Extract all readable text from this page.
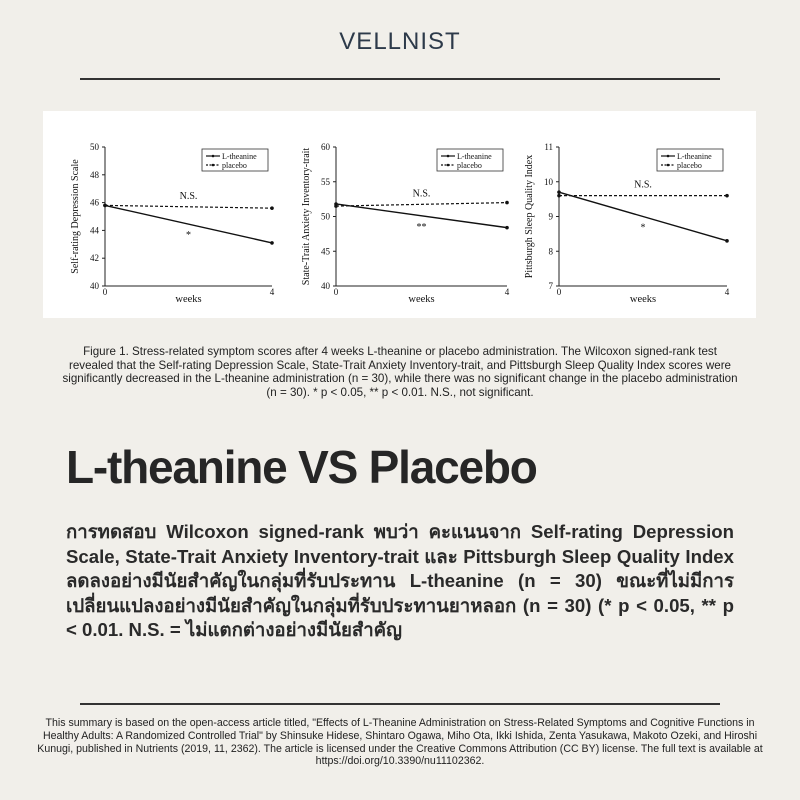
VELLNIST
40
42
44
46
48
50
0	4
weeks
Self-rating Depression Scale	*
N.S.
L-theanine
placebo
40
45
50
55
60
0	4
weeks
State-Trait Anxiety Inventory-trait	**
N.S.
L-theanine
placebo
7
8
9
10
11
0	4
weeks
Pittsburgh Sleep Quality Index	*
N.S.
L-theanine
placebo
Figure 1. Stress-related symptom scores after 4 weeks L-theanine or placebo administration. The Wilcoxon signed-rank test revealed that the Self-rating Depression Scale, State-Trait Anxiety Inventory-trait, and Pittsburgh Sleep Quality Index scores were significantly decreased in the L-theanine administration (n = 30), while there was no significant change in the placebo administration (n = 30). * p < 0.05, ** p < 0.01. N.S., not significant.
L-theanine VS Placebo
การทดสอบ Wilcoxon signed-rank พบว่า คะแนนจาก Self-rating Depression Scale, State-Trait Anxiety Inventory-trait และ Pittsburgh Sleep Quality Index ลดลงอย่างมีนัยสำคัญในกลุ่มที่รับประทาน L-theanine (n = 30) ขณะที่ไม่มีการเปลี่ยนแปลงอย่างมีนัยสำคัญในกลุ่มที่รับประทานยาหลอก (n = 30) (* p < 0.05, ** p < 0.01. N.S. = ไม่แตกต่างอย่างมีนัยสำคัญ
This summary is based on the open-access article titled, "Effects of L-Theanine Administration on Stress-Related Symptoms and Cognitive Functions in Healthy Adults: A Randomized Controlled Trial" by Shinsuke Hidese, Shintaro Ogawa, Miho Ota, Ikki Ishida, Zenta Yasukawa, Makoto Ozeki, and Hiroshi Kunugi, published in Nutrients (2019, 11, 2362). The article is licensed under the Creative Commons Attribution (CC BY) license. The full text is available at https://doi.org/10.3390/nu11102362.
